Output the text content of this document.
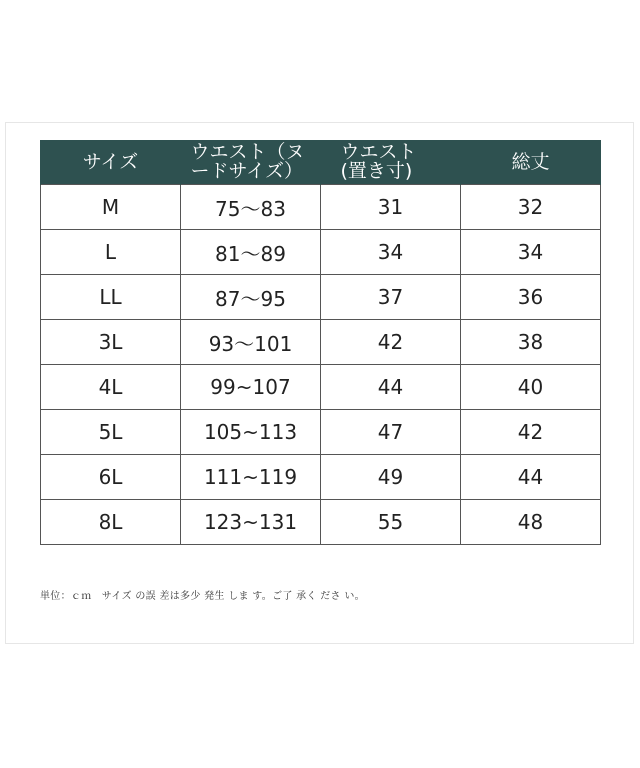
サイズ	ウエスト（ヌードサイズ）	ウエスト(置き寸)	総丈
M	75〜83	31	32
L	81〜89	34	34
LL	87〜95	37	36
3L	93〜101	42	38
4L	99~107	44	40
5L	105~113	47	42
6L	111~119	49	44
8L	123~131	55	48
単位：ｃｍ　サイズ の誤 差は多少 発生 しま す。ご了 承く ださ い。
